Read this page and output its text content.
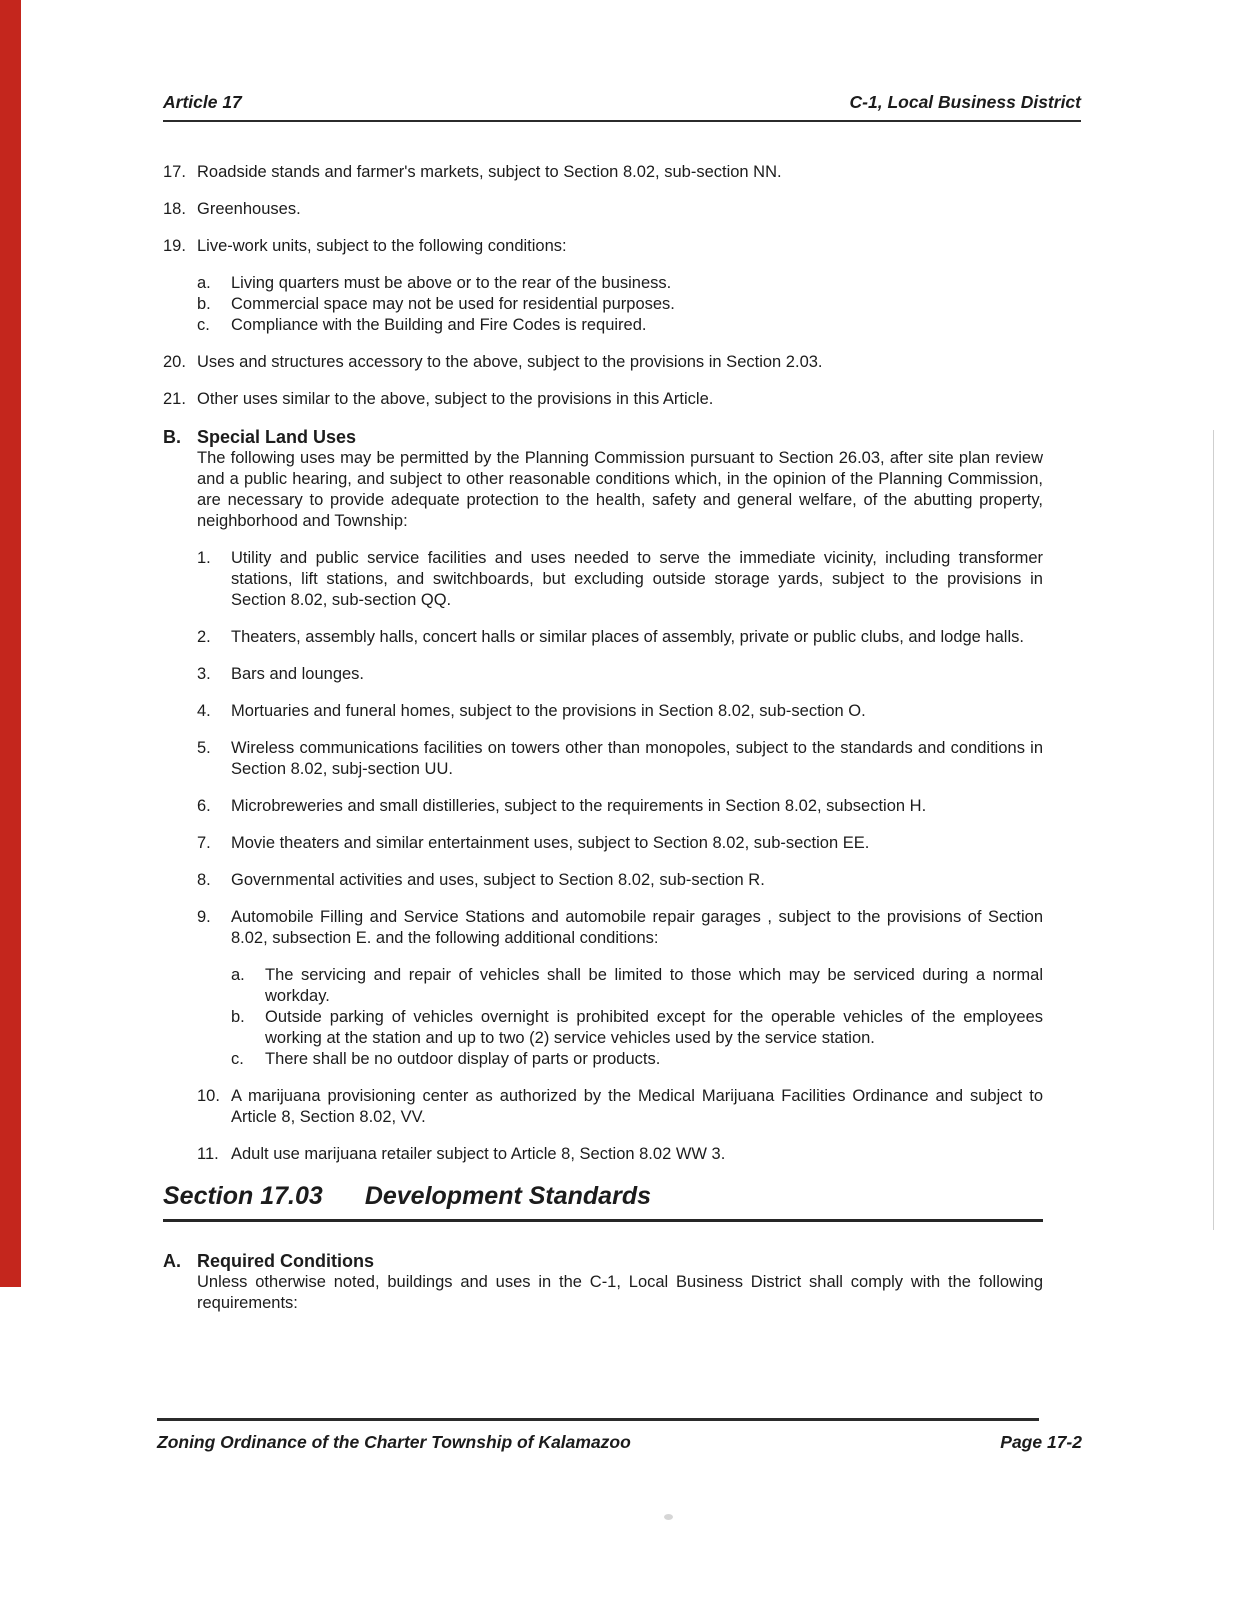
Article 17	C-1, Local Business District
17. Roadside stands and farmer's markets, subject to Section 8.02, sub-section NN.
18. Greenhouses.
19. Live-work units, subject to the following conditions:
a.	Living quarters must be above or to the rear of the business.
b.	Commercial space may not be used for residential purposes.
c.	Compliance with the Building and Fire Codes is required.
20. Uses and structures accessory to the above, subject to the provisions in Section 2.03.
21. Other uses similar to the above, subject to the provisions in this Article.
B. Special Land Uses

The following uses may be permitted by the Planning Commission pursuant to Section 26.03, after site plan review and a public hearing, and subject to other reasonable conditions which, in the opinion of the Planning Commission, are necessary to provide adequate protection to the health, safety and general welfare, of the abutting property, neighborhood and Township:

1.	Utility and public service facilities and uses needed to serve the immediate vicinity, including transformer stations, lift stations, and switchboards, but excluding outside storage yards, subject to the provisions in Section 8.02, sub-section QQ.
2.	Theaters, assembly halls, concert halls or similar places of assembly, private or public clubs, and lodge halls.
3.	Bars and lounges.
4.	Mortuaries and funeral homes, subject to the provisions in Section 8.02, sub-section O.
5.	Wireless communications facilities on towers other than monopoles, subject to the standards and conditions in Section 8.02, subj-section UU.
6.	Microbreweries and small distilleries, subject to the requirements in Section 8.02, subsection H.
7.	Movie theaters and similar entertainment uses, subject to Section 8.02, sub-section EE.
8.	Governmental activities and uses, subject to Section 8.02, sub-section R.
9.	Automobile Filling and Service Stations and automobile repair garages , subject to the provisions of Section 8.02, subsection E. and the following additional conditions:
a.	The servicing and repair of vehicles shall be limited to those which may be serviced during a normal workday.
b.	Outside parking of vehicles overnight is prohibited except for the operable vehicles of the employees working at the station and up to two (2) service vehicles used by the service station.
c.	There shall be no outdoor display of parts or products.
10. A marijuana provisioning center as authorized by the Medical Marijuana Facilities Ordinance and subject to Article 8, Section 8.02, VV.
11. Adult use marijuana retailer subject to Article 8, Section 8.02 WW 3.
Section 17.03 Development Standards
A. Required Conditions

Unless otherwise noted, buildings and uses in the C-1, Local Business District shall comply with the following requirements:

Zoning Ordinance of the Charter Township of Kalamazoo	Page 17-2
